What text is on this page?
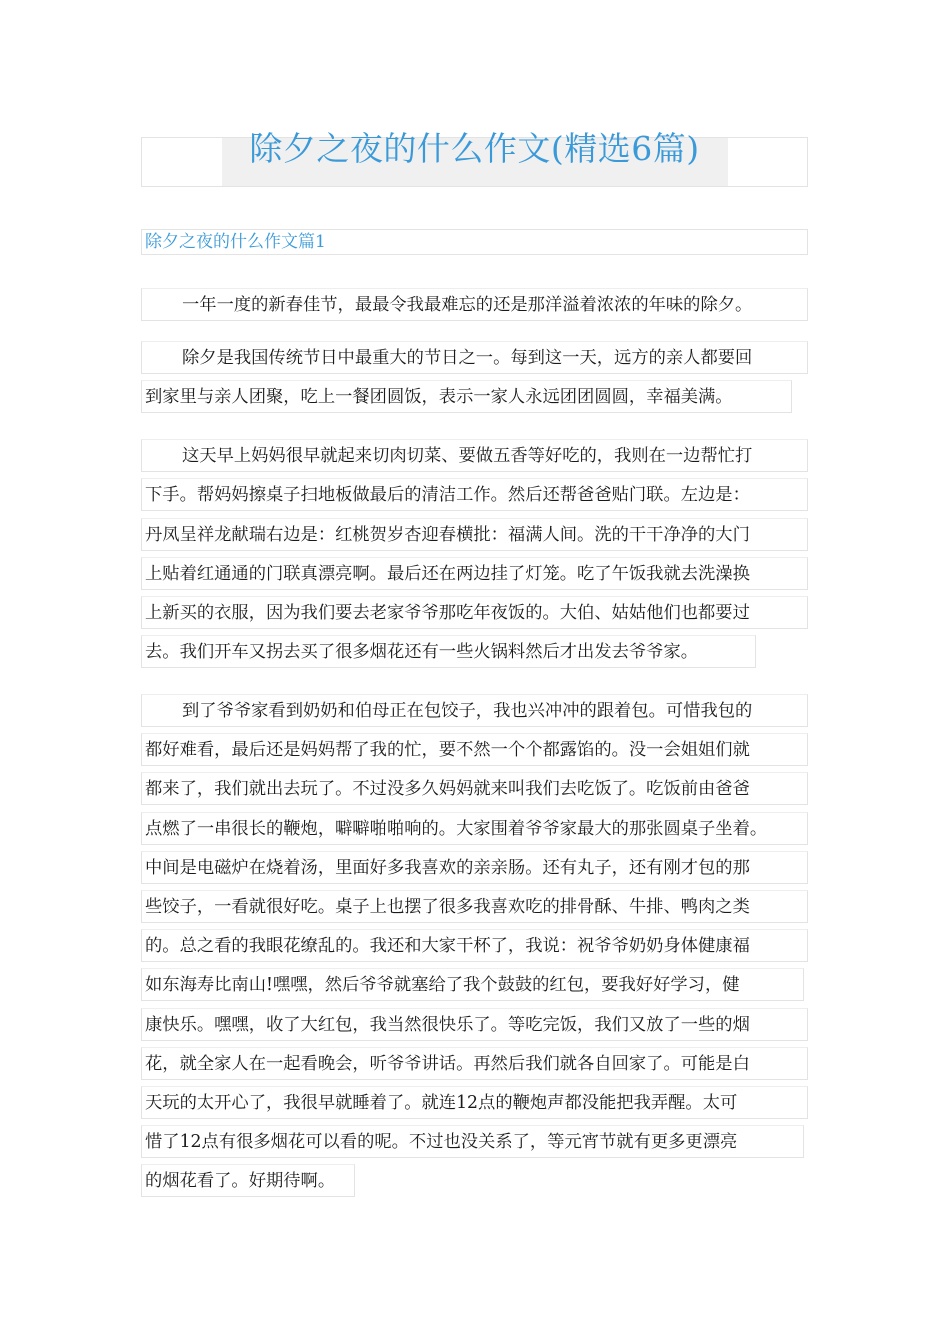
除夕之夜的什么作文(精选6篇)
除夕之夜的什么作文篇1
一年一度的新春佳节，最最令我最难忘的还是那洋溢着浓浓的年味的除夕。
除夕是我国传统节日中最重大的节日之一。每到这一天，远方的亲人都要回
到家里与亲人团聚，吃上一餐团圆饭，表示一家人永远团团圆圆，幸福美满。
这天早上妈妈很早就起来切肉切菜、要做五香等好吃的，我则在一边帮忙打
下手。帮妈妈擦桌子扫地板做最后的清洁工作。然后还帮爸爸贴门联。左边是：
丹凤呈祥龙献瑞右边是：红桃贺岁杏迎春横批：福满人间。洗的干干净净的大门
上贴着红通通的门联真漂亮啊。最后还在两边挂了灯笼。吃了午饭我就去洗澡换
上新买的衣服，因为我们要去老家爷爷那吃年夜饭的。大伯、姑姑他们也都要过
去。我们开车又拐去买了很多烟花还有一些火锅料然后才出发去爷爷家。
到了爷爷家看到奶奶和伯母正在包饺子，我也兴冲冲的跟着包。可惜我包的
都好难看，最后还是妈妈帮了我的忙，要不然一个个都露馅的。没一会姐姐们就
都来了，我们就出去玩了。不过没多久妈妈就来叫我们去吃饭了。吃饭前由爸爸
点燃了一串很长的鞭炮，噼噼啪啪响的。大家围着爷爷家最大的那张圆桌子坐着。
中间是电磁炉在烧着汤，里面好多我喜欢的亲亲肠。还有丸子，还有刚才包的那
些饺子，一看就很好吃。桌子上也摆了很多我喜欢吃的排骨酥、牛排、鸭肉之类
的。总之看的我眼花缭乱的。我还和大家干杯了，我说：祝爷爷奶奶身体健康福
如东海寿比南山!嘿嘿，然后爷爷就塞给了我个鼓鼓的红包，要我好好学习，健
康快乐。嘿嘿，收了大红包，我当然很快乐了。等吃完饭，我们又放了一些的烟
花，就全家人在一起看晚会，听爷爷讲话。再然后我们就各自回家了。可能是白
天玩的太开心了，我很早就睡着了。就连12点的鞭炮声都没能把我弄醒。太可
惜了12点有很多烟花可以看的呢。不过也没关系了，等元宵节就有更多更漂亮
的烟花看了。好期待啊。
